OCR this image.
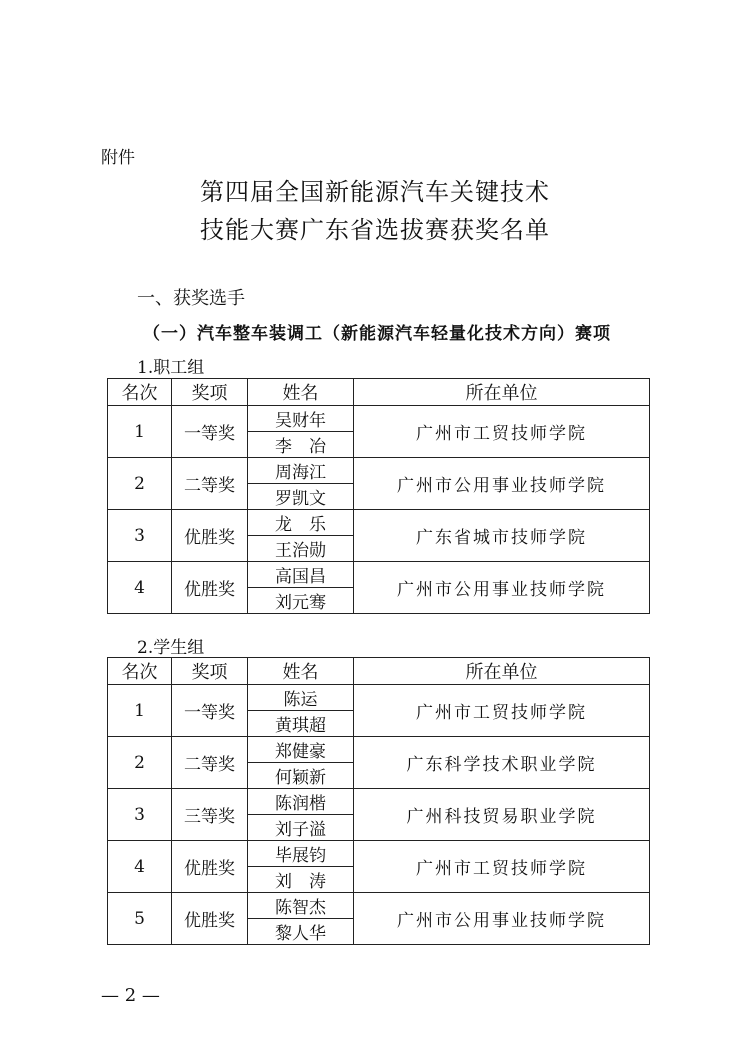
附件
第四届全国新能源汽车关键技术
技能大赛广东省选拔赛获奖名单
一、获奖选手
（一）汽车整车装调工（新能源汽车轻量化技术方向）赛项
1.职工组
名次	奖项	姓名	所在单位
1	一等奖	吴财年	广州市工贸技师学院
		李　冶	
2	二等奖	周海江	广州市公用事业技师学院
		罗凯文	
3	优胜奖	龙　乐	广东省城市技师学院
		王治勋	
4	优胜奖	高国昌	广州市公用事业技师学院
		刘元骞	
2.学生组
名次	奖项	姓名	所在单位
1	一等奖	陈运	广州市工贸技师学院
		黄琪超	
2	二等奖	郑健豪	广东科学技术职业学院
		何颖新	
3	三等奖	陈润楷	广州科技贸易职业学院
		刘子溢	
4	优胜奖	毕展钧	广州市工贸技师学院
		刘　涛	
5	优胜奖	陈智杰	广州市公用事业技师学院
		黎人华	
— 2 —
